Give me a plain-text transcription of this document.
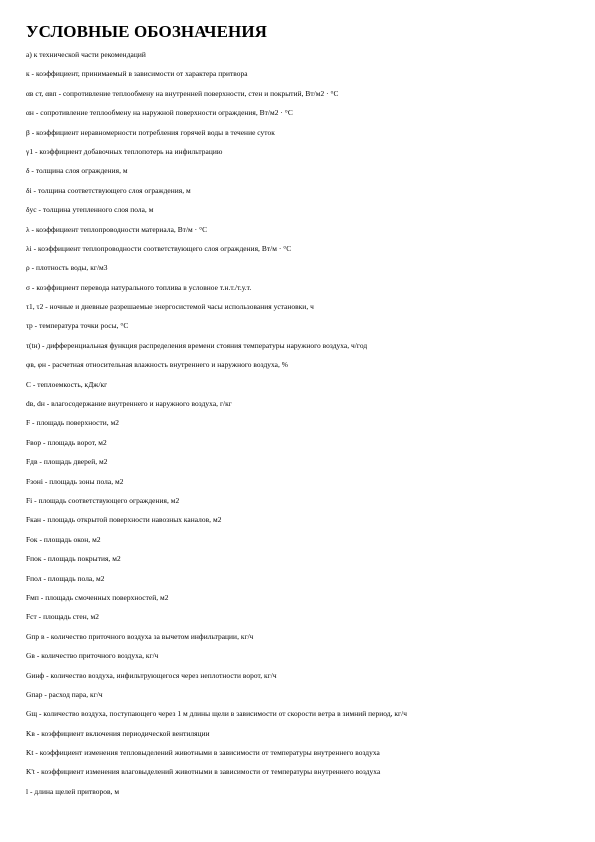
УСЛОВНЫЕ ОБОЗНАЧЕНИЯ
а) к технической части рекомендаций
к - коэффициент, принимаемый в зависимости от характера притвора
αв ст, αвп - сопротивление теплообмену на внутренней поверхности, стен и покрытий, Вт/м2 · °С
αн - сопротивление теплообмену на наружной поверхности ограждения, Вт/м2 · °С
β - коэффициент неравномерности потребления горячей воды в течение суток
γ1 - коэффициент добавочных теплопотерь на инфильтрацию
δ - толщина слоя ограждения, м
δi - толщина соответствующего слоя ограждения, м
δус - толщина утепленного слоя пола, м
λ - коэффициент теплопроводности материала, Вт/м · °С
λi - коэффициент теплопроводности соответствующего слоя ограждения, Вт/м · °С
ρ - плотность воды, кг/м3
σ - коэффициент перевода натурального топлива в условное т.н.т./т.у.т.
τ1, τ2 - ночные и дневные разрешаемые энергосистемой часы использования установки, ч
τр - температура точки росы, °С
τ(tн) - дифференциальная функция распределения времени стояния температуры наружного воздуха, ч/год
φв, φн - расчетная относительная влажность внутреннего и наружного воздуха, %
С - теплоемкость, кДж/кг
dв, dн - влагосодержание внутреннего и наружного воздуха, г/кг
F - площадь поверхности, м2
Fвор - площадь ворот, м2
Fдв - площадь дверей, м2
Fзоні - площадь зоны пола, м2
Fi - площадь соответствующего ограждения, м2
Fкан - площадь открытой поверхности навозных каналов, м2
Fок - площадь окон, м2
Fпок - площадь покрытия, м2
Fпол - площадь пола, м2
Fмп - площадь смоченных поверхностей, м2
Fст - площадь стен, м2
Gпр в - количество приточного воздуха за вычетом инфильтрации, кг/ч
Gв - количество приточного воздуха, кг/ч
Gинф - количество воздуха, инфильтрующегося через неплотности ворот, кг/ч
Gпар - расход пара, кг/ч
Gщ - количество воздуха, поступающего через 1 м длины щели в зависимости от скорости ветра в зимний период, кг/ч
Kв - коэффициент включения периодической вентиляции
Kt - коэффициент изменения тепловыделений животными в зависимости от температуры внутреннего воздуха
K't - коэффициент изменения влаговыделений животными в зависимости от температуры внутреннего воздуха
l - длина щелей притворов, м
